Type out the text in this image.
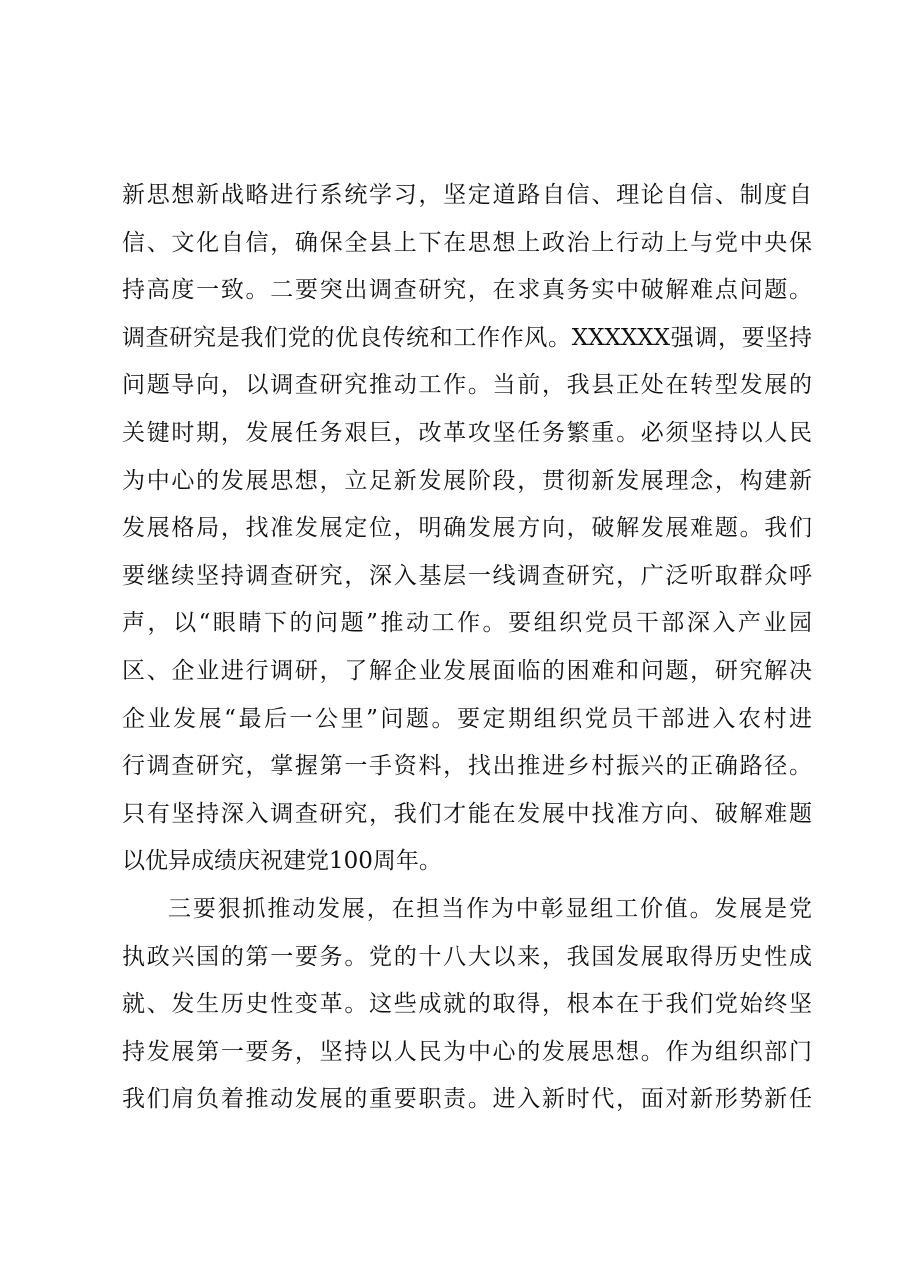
新思想新战略进行系统学习，坚定道路自信、理论自信、制度自
信、文化自信，确保全县上下在思想上政治上行动上与党中央保
持高度一致。二要突出调查研究，在求真务实中破解难点问题。
调查研究是我们党的优良传统和工作作风。XXXXXX强调，要坚持
问题导向，以调查研究推动工作。当前，我县正处在转型发展的
关键时期，发展任务艰巨，改革攻坚任务繁重。必须坚持以人民
为中心的发展思想，立足新发展阶段，贯彻新发展理念，构建新
发展格局，找准发展定位，明确发展方向，破解发展难题。我们
要继续坚持调查研究，深入基层一线调查研究，广泛听取群众呼
声，以“眼睛下的问题”推动工作。要组织党员干部深入产业园
区、企业进行调研，了解企业发展面临的困难和问题，研究解决
企业发展“最后一公里”问题。要定期组织党员干部进入农村进
行调查研究，掌握第一手资料，找出推进乡村振兴的正确路径。
只有坚持深入调查研究，我们才能在发展中找准方向、破解难题
以优异成绩庆祝建党100周年。
三要狠抓推动发展，在担当作为中彰显组工价值。发展是党
执政兴国的第一要务。党的十八大以来，我国发展取得历史性成
就、发生历史性变革。这些成就的取得，根本在于我们党始终坚
持发展第一要务，坚持以人民为中心的发展思想。作为组织部门
我们肩负着推动发展的重要职责。进入新时代，面对新形势新任
